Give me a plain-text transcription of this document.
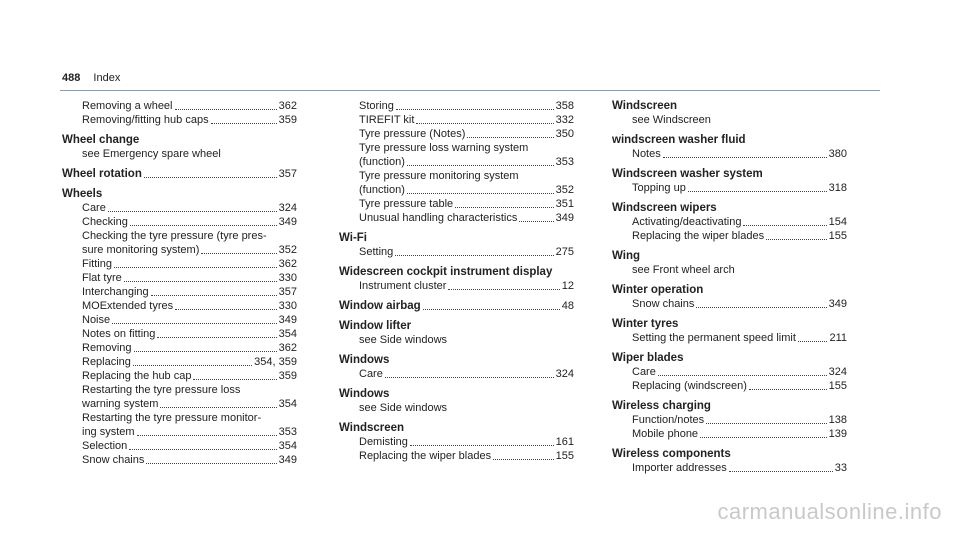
488 Index
Removing a wheel	362
Removing/fitting hub caps	359
Wheel change
see Emergency spare wheel
Wheel rotation	357
Wheels
Care	324
Checking	349
Checking the tyre pressure (tyre pres-
sure monitoring system)	352
Fitting	362
Flat tyre	330
Interchanging	357
MOExtended tyres	330
Noise	349
Notes on fitting	354
Removing	362
Replacing	354, 359
Replacing the hub cap	359
Restarting the tyre pressure loss
warning system	354
Restarting the tyre pressure monitor-
ing system	353
Selection	354
Snow chains	349
Storing	358
TIREFIT kit	332
Tyre pressure (Notes)	350
Tyre pressure loss warning system
(function)	353
Tyre pressure monitoring system
(function)	352
Tyre pressure table	351
Unusual handling characteristics	349
Wi-Fi
Setting	275
Widescreen cockpit instrument display
Instrument cluster	12
Window airbag	48
Window lifter
see Side windows
Windows
Care	324
Windows
see Side windows
Windscreen
Demisting	161
Replacing the wiper blades	155
Windscreen
see Windscreen
windscreen washer fluid
Notes	380
Windscreen washer system
Topping up	318
Windscreen wipers
Activating/deactivating	154
Replacing the wiper blades	155
Wing
see Front wheel arch
Winter operation
Snow chains	349
Winter tyres
Setting the permanent speed limit	211
Wiper blades
Care	324
Replacing (windscreen)	155
Wireless charging
Function/notes	138
Mobile phone	139
Wireless components
Importer addresses	33
carmanualsonline.info
